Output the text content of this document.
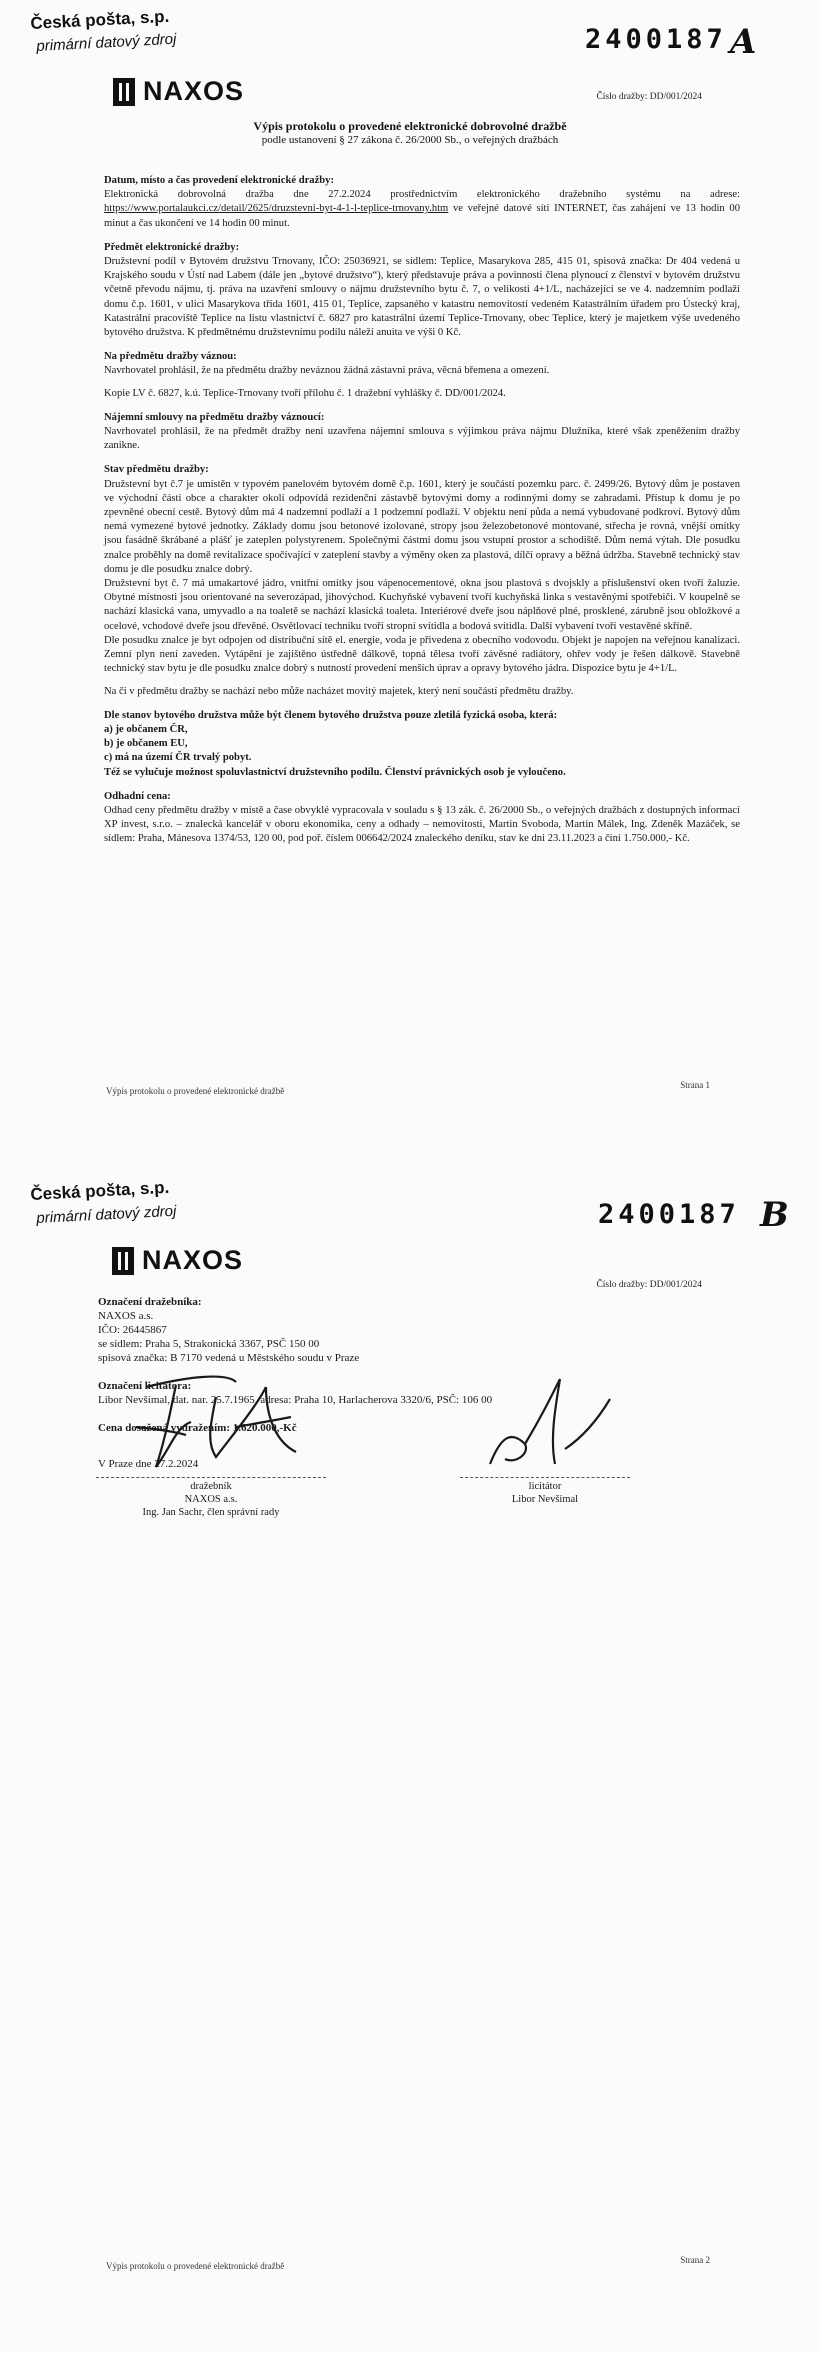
Česká pošta, s.p.
primární datový zdroj	2400187 A
NAXOS	Číslo dražby: DD/001/2024
Výpis protokolu o provedené elektronické dobrovolné dražbě
podle ustanovení § 27 zákona č. 26/2000 Sb., o veřejných dražbách
Datum, místo a čas provedení elektronické dražby:

Elektronická dobrovolná dražba dne 27.2.2024 prostřednictvím elektronického dražebního systému na adrese: https://www.portalaukci.cz/detail/2625/druzstevni-byt-4-1-l-teplice-trnovany.htm ve veřejné datové síti INTERNET, čas zahájení ve 13 hodin 00 minut a čas ukončení ve 14 hodin 00 minut.

Předmět elektronické dražby:

Družstevní podíl v Bytovém družstvu Trnovany, IČO: 25036921, se sídlem: Teplice, Masarykova 285, 415 01, spisová značka: Dr 404 vedená u Krajského soudu v Ústí nad Labem (dále jen „bytové družstvo“), který představuje práva a povinnosti člena plynoucí z členství v bytovém družstvu včetně převodu nájmu, tj. práva na uzavření smlouvy o nájmu družstevního bytu č. 7, o velikosti 4+1/L, nacházející se ve 4. nadzemním podlaží domu č.p. 1601, v ulici Masarykova třída 1601, 415 01, Teplice, zapsaného v katastru nemovitostí vedeném Katastrálním úřadem pro Ústecký kraj, Katastrální pracoviště Teplice na listu vlastnictví č. 6827 pro katastrální území Teplice-Trnovany, obec Teplice, který je majetkem výše uvedeného bytového družstva. K předmětnému družstevnímu podílu náleží anuita ve výši 0 Kč.

Na předmětu dražby váznou:

Navrhovatel prohlásil, že na předmětu dražby neváznou žádná zástavní práva, věcná břemena a omezení.

Kopie LV č. 6827, k.ú. Teplice-Trnovany tvoří přílohu č. 1 dražební vyhlášky č. DD/001/2024.

Nájemní smlouvy na předmětu dražby váznoucí:

Navrhovatel prohlásil, že na předmět dražby není uzavřena nájemní smlouva s výjimkou práva nájmu Dlužníka, které však zpeněžením dražby zanikne.

Stav předmětu dražby:

Družstevní byt č.7 je umístěn v typovém panelovém bytovém domě č.p. 1601, který je součástí pozemku parc. č. 2499/26. Bytový dům je postaven ve východní části obce a charakter okolí odpovídá rezidenční zástavbě bytovými domy a rodinnými domy se zahradami. Přístup k domu je po zpevněné obecní cestě. Bytový dům má 4 nadzemní podlaží a 1 podzemní podlaží. V objektu není půda a nemá vybudované podkroví. Bytový dům nemá vymezené bytové jednotky. Základy domu jsou betonové izolované, stropy jsou železobetonové montované, střecha je rovná, vnější omítky jsou fasádně škrábané a plášť je zateplen polystyrenem. Společnými částmi domu jsou vstupní prostor a schodiště. Dům nemá výtah. Dle posudku znalce proběhly na domě revitalizace spočívající v zateplení stavby a výměny oken za plastová, dílčí opravy a běžná údržba. Stavebně technický stav domu je dle posudku znalce dobrý.

Družstevní byt č. 7 má umakartové jádro, vnitřní omítky jsou vápenocementové, okna jsou plastová s dvojskly a příslušenství oken tvoří žaluzie. Obytné místnosti jsou orientované na severozápad, jihovýchod. Kuchyňské vybavení tvoří kuchyňská linka s vestavěnými spotřebiči. V koupelně se nachází klasická vana, umyvadlo a na toaletě se nachází klasická toaleta. Interiérové dveře jsou náplňové plné, prosklené, zárubně jsou obložkové a ocelové, vchodové dveře jsou dřevěné. Osvětlovací techniku tvoří stropní svítidla a bodová svítidla. Další vybavení tvoří vestavěné skříně.

Dle posudku znalce je byt odpojen od distribuční sítě el. energie, voda je přivedena z obecního vodovodu. Objekt je napojen na veřejnou kanalizaci. Zemní plyn není zaveden. Vytápění je zajištěno ústředně dálkově, topná tělesa tvoří závěsné radiátory, ohřev vody je řešen dálkově. Stavebně technický stav bytu je dle posudku znalce dobrý s nutností provedení menších úprav a opravy bytového jádra. Dispozice bytu je 4+1/L.

Na či v předmětu dražby se nachází nebo může nacházet movitý majetek, který není součástí předmětu dražby.

Dle stanov bytového družstva může být členem bytového družstva pouze zletilá fyzická osoba, která:

a) je občanem ČR,

b) je občanem EU,

c) má na území ČR trvalý pobyt.

Též se vylučuje možnost spoluvlastnictví družstevního podílu. Členství právnických osob je vyloučeno.

Odhadní cena:

Odhad ceny předmětu dražby v místě a čase obvyklé vypracovala v souladu s § 13 zák. č. 26/2000 Sb., o veřejných dražbách z dostupných informací XP invest, s.r.o. – znalecká kancelář v oboru ekonomika, ceny a odhady – nemovitosti, Martin Svoboda, Martin Málek, Ing. Zdeněk Mazáček, se sídlem: Praha, Mánesova 1374/53, 120 00, pod poř. číslem 006642/2024 znaleckého deníku, stav ke dni 23.11.2023 a činí 1.750.000,- Kč.

Výpis protokolu o provedené elektronické dražbě
Strana 1
Česká pošta, s.p.
primární datový zdroj	2400187 B
NAXOS
Číslo dražby: DD/001/2024

Označení dražebníka:

NAXOS a.s.

IČO: 26445867

se sídlem: Praha 5, Strakonická 3367, PSČ 150 00

spisová značka: B 7170 vedená u Městského soudu v Praze

Označení licitátora:

Libor Nevšímal, dat. nar. 25.7.1965, adresa: Praha 10, Harlacherova 3320/6, PSČ: 106 00

Cena dosažená vydražením: 1.620.000,-Kč

V Praze dne 27.2.2024

dražebník
NAXOS a.s.
Ing. Jan Sachr, člen správní rady
licitátor
Libor Nevšímal
Výpis protokolu o provedené elektronické dražbě
Strana 2
